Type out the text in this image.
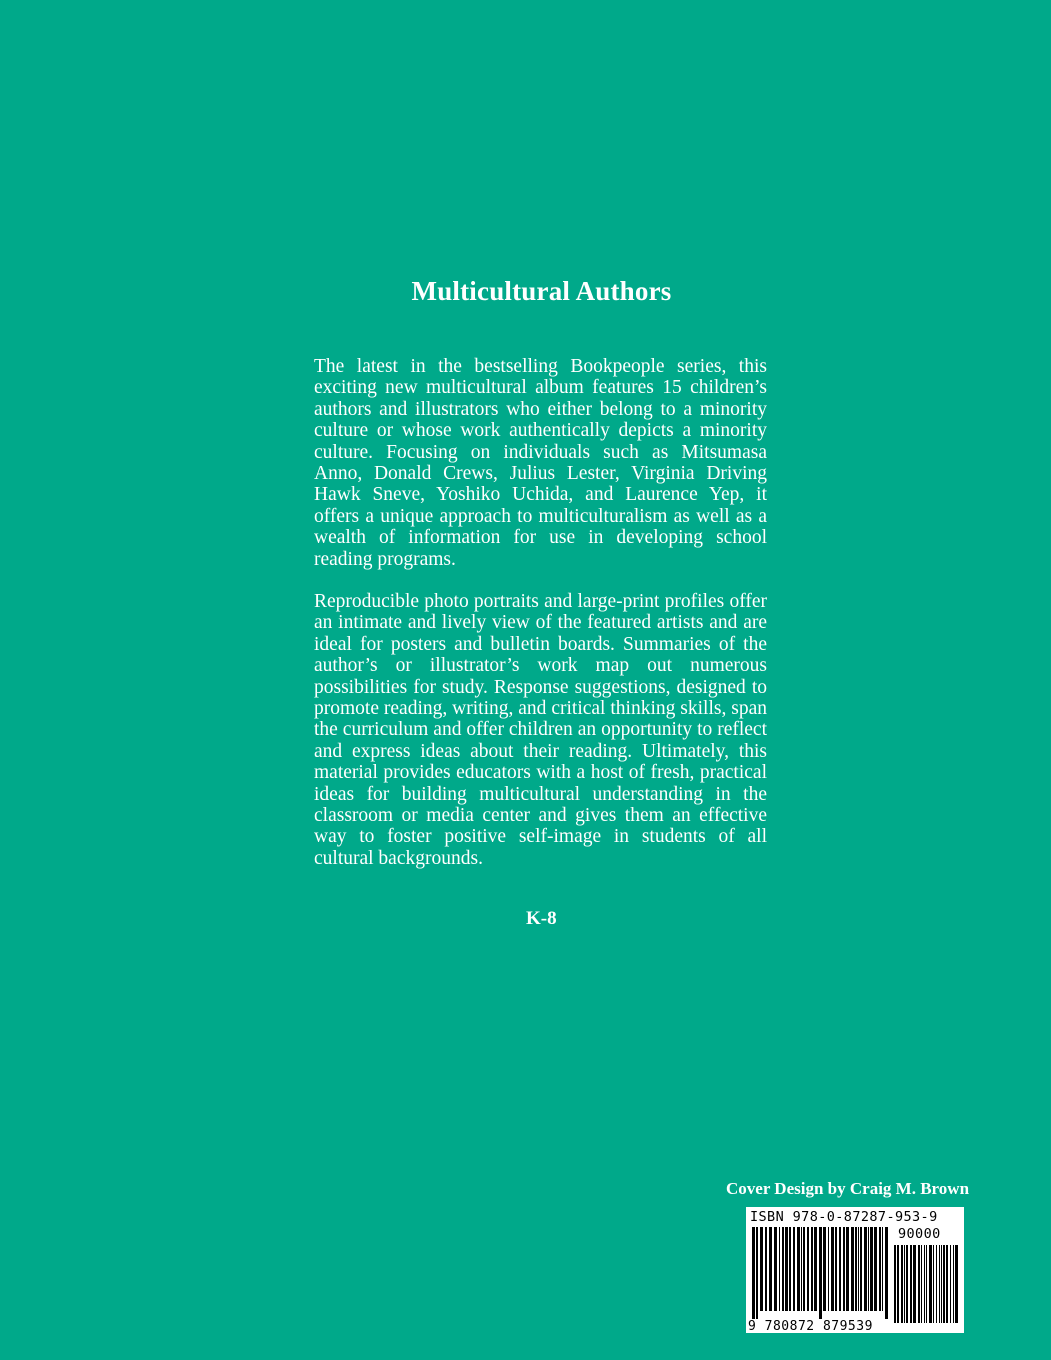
Multicultural Authors

The latest in the bestselling Bookpeople series, this exciting new multicultural album features 15 children’s authors and illustrators who either belong to a minority culture or whose work authentically depicts a minority culture. Focusing on individuals such as Mitsumasa Anno, Donald Crews, Julius Lester, Virginia Driving Hawk Sneve, Yoshiko Uchida, and Laurence Yep, it offers a unique approach to multiculturalism as well as a wealth of information for use in developing school reading programs.

Reproducible photo portraits and large-print profiles offer an intimate and lively view of the featured artists and are ideal for posters and bulletin boards. Summaries of the author’s or illustrator’s work map out numerous possibilities for study. Response suggestions, designed to promote reading, writing, and critical thinking skills, span the curriculum and offer children an opportunity to reflect and express ideas about their reading. Ultimately, this material provides educators with a host of fresh, practical ideas for building multicultural understanding in the classroom or media center and gives them an effective way to foster positive self-image in students of all cultural backgrounds.

K-8
Cover Design by Craig M. Brown
ISBN 978-0-87287-953-9
90000
9 780872 879539
